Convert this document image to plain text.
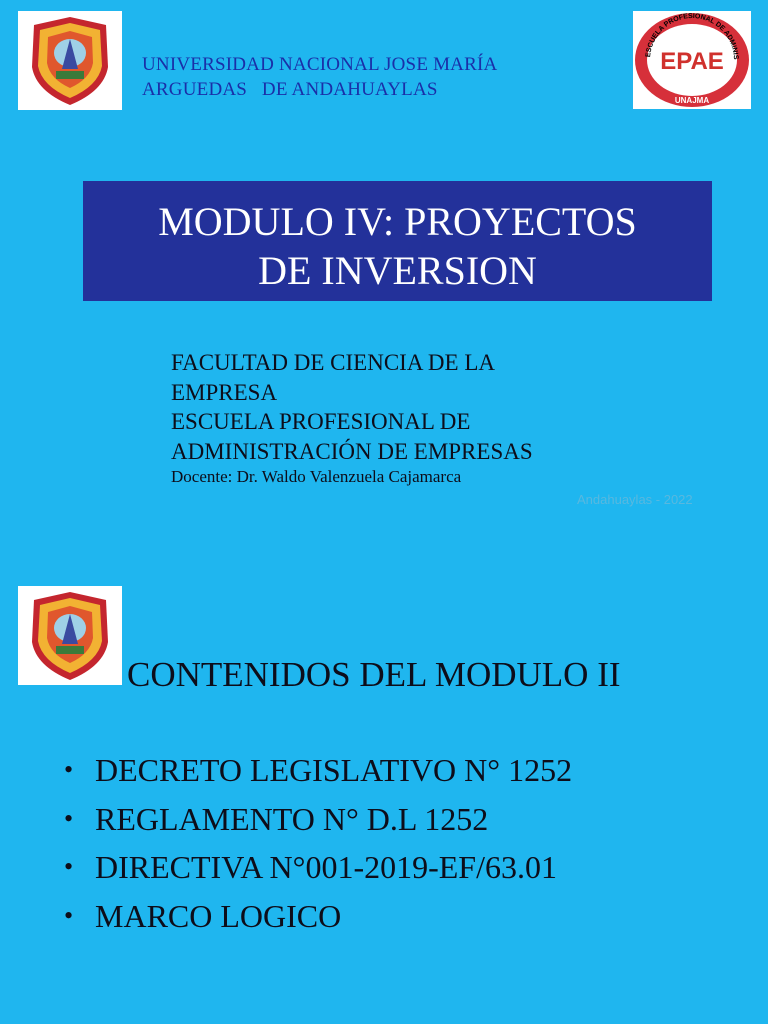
UNIVERSIDAD NACIONAL JOSE MARÍA
ARGUEDAS   DE ANDAHUAYLAS
ESCUELA PROFESIONAL DE ADMINIS
EPAE
UNAJMA
MODULO IV: PROYECTOS
DE INVERSION
FACULTAD DE CIENCIA DE LA
EMPRESA
ESCUELA PROFESIONAL DE
ADMINISTRACIÓN DE EMPRESAS
Docente: Dr. Waldo Valenzuela Cajamarca
Andahuaylas - 2022
CONTENIDOS DEL MODULO II
• DECRETO LEGISLATIVO N° 1252
• REGLAMENTO N° D.L 1252
• DIRECTIVA N°001-2019-EF/63.01
• MARCO LOGICO
